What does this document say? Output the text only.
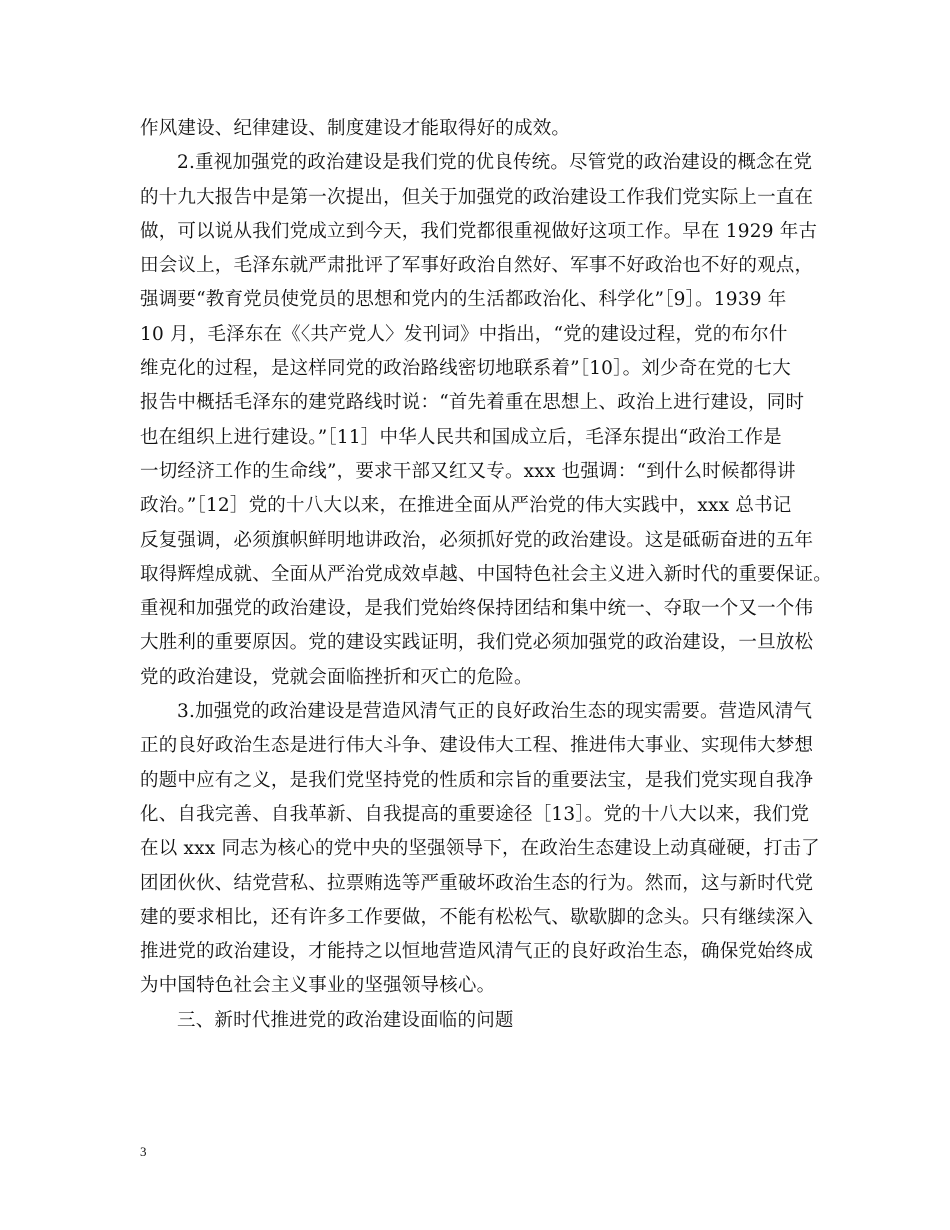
作风建设、纪律建设、制度建设才能取得好的成效。
2.重视加强党的政治建设是我们党的优良传统。尽管党的政治建设的概念在党
的十九大报告中是第一次提出，但关于加强党的政治建设工作我们党实际上一直在
做，可以说从我们党成立到今天，我们党都很重视做好这项工作。早在 1929 年古
田会议上，毛泽东就严肃批评了军事好政治自然好、军事不好政治也不好的观点，
强调要“教育党员使党员的思想和党内的生活都政治化、科学化”［9］。1939 年
10 月，毛泽东在《〈共产党人〉发刊词》中指出，“党的建设过程，党的布尔什
维克化的过程，是这样同党的政治路线密切地联系着”［10］。刘少奇在党的七大
报告中概括毛泽东的建党路线时说：“首先着重在思想上、政治上进行建设，同时
也在组织上进行建设。”［11］中华人民共和国成立后，毛泽东提出“政治工作是
一切经济工作的生命线”，要求干部又红又专。xxx 也强调：“到什么时候都得讲
政治。”［12］党的十八大以来，在推进全面从严治党的伟大实践中，xxx 总书记
反复强调，必须旗帜鲜明地讲政治，必须抓好党的政治建设。这是砥砺奋进的五年
取得辉煌成就、全面从严治党成效卓越、中国特色社会主义进入新时代的重要保证。
重视和加强党的政治建设，是我们党始终保持团结和集中统一、夺取一个又一个伟
大胜利的重要原因。党的建设实践证明，我们党必须加强党的政治建设，一旦放松
党的政治建设，党就会面临挫折和灭亡的危险。
3.加强党的政治建设是营造风清气正的良好政治生态的现实需要。营造风清气
正的良好政治生态是进行伟大斗争、建设伟大工程、推进伟大事业、实现伟大梦想
的题中应有之义，是我们党坚持党的性质和宗旨的重要法宝，是我们党实现自我净
化、自我完善、自我革新、自我提高的重要途径［13］。党的十八大以来，我们党
在以 xxx 同志为核心的党中央的坚强领导下，在政治生态建设上动真碰硬，打击了
团团伙伙、结党营私、拉票贿选等严重破坏政治生态的行为。然而，这与新时代党
建的要求相比，还有许多工作要做，不能有松松气、歇歇脚的念头。只有继续深入
推进党的政治建设，才能持之以恒地营造风清气正的良好政治生态，确保党始终成
为中国特色社会主义事业的坚强领导核心。
三、新时代推进党的政治建设面临的问题
3
